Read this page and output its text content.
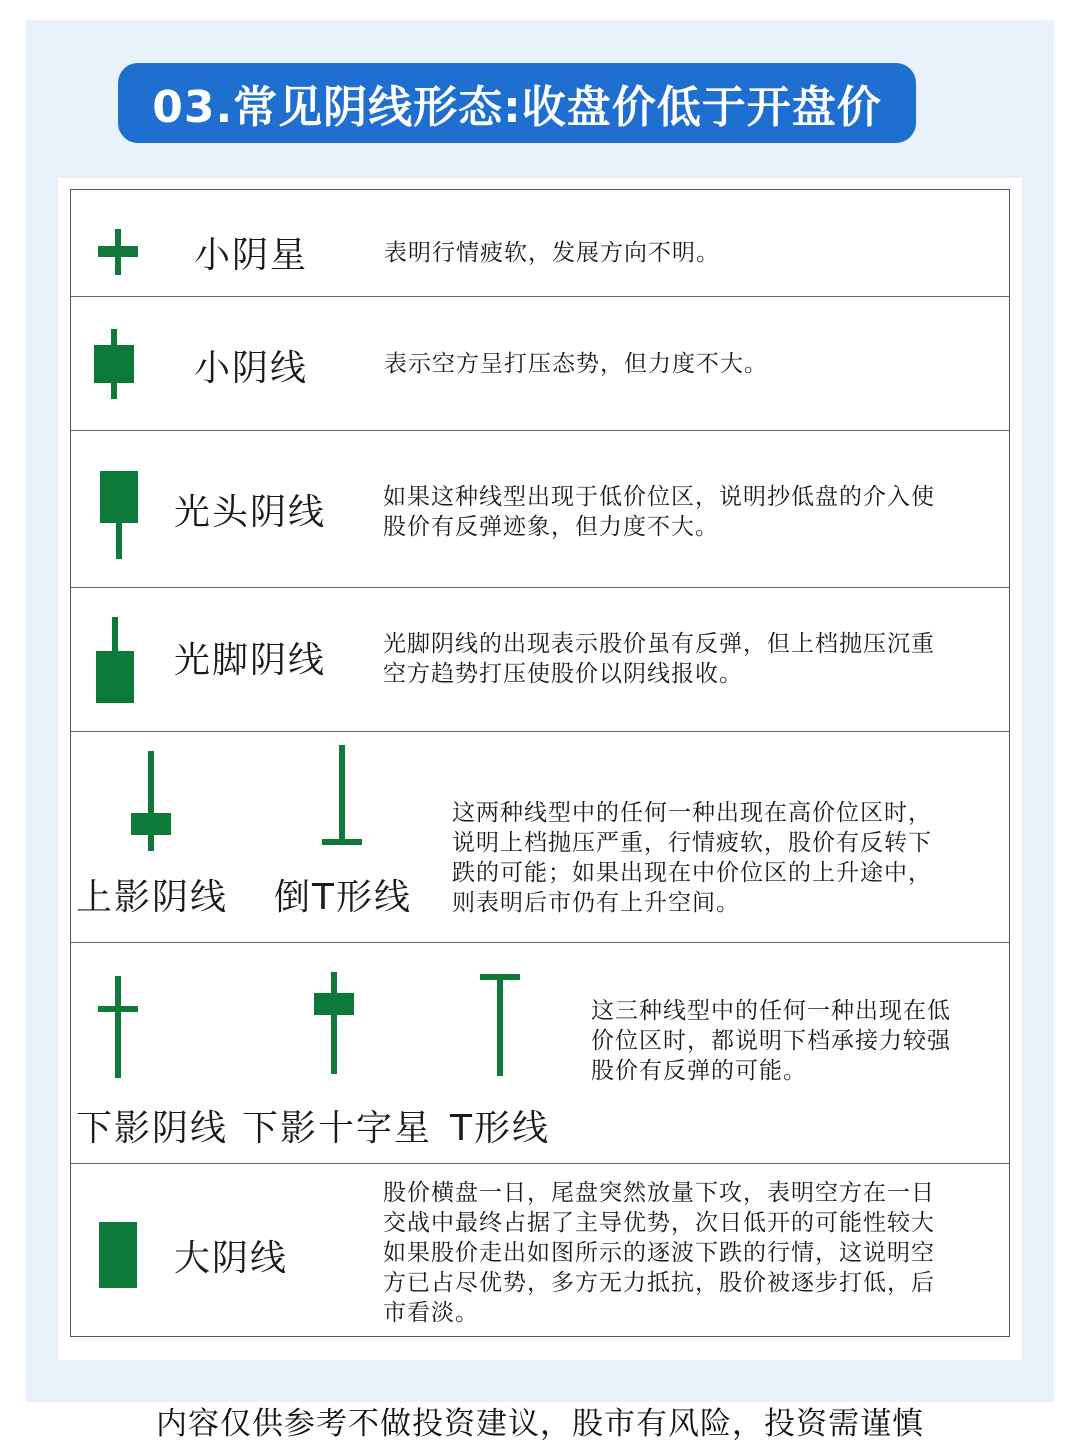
03.常见阴线形态:收盘价低于开盘价
小阴星	表明行情疲软，发展方向不明。
小阴线	表示空方呈打压态势，但力度不大。
光头阴线 如果这种线型出现于低价位区，说明抄低盘的介入使
股价有反弹迹象，但力度不大。
光脚阴线 光脚阴线的出现表示股价虽有反弹，但上档抛压沉重
空方趋势打压使股价以阴线报收。
上影阴线 倒T形线
这两种线型中的任何一种出现在高价位区时，
说明上档抛压严重，行情疲软，股价有反转下
跌的可能；如果出现在中价位区的上升途中，
则表明后市仍有上升空间。
下影阴线 下影十字星 T形线
这三种线型中的任何一种出现在低
价位区时，都说明下档承接力较强
股价有反弹的可能。
大阴线
股价横盘一日，尾盘突然放量下攻，表明空方在一日
交战中最终占据了主导优势，次日低开的可能性较大
如果股价走出如图所示的逐波下跌的行情，这说明空
方已占尽优势，多方无力抵抗，股价被逐步打低，后
市看淡。
内容仅供参考不做投资建议，股市有风险，投资需谨慎
